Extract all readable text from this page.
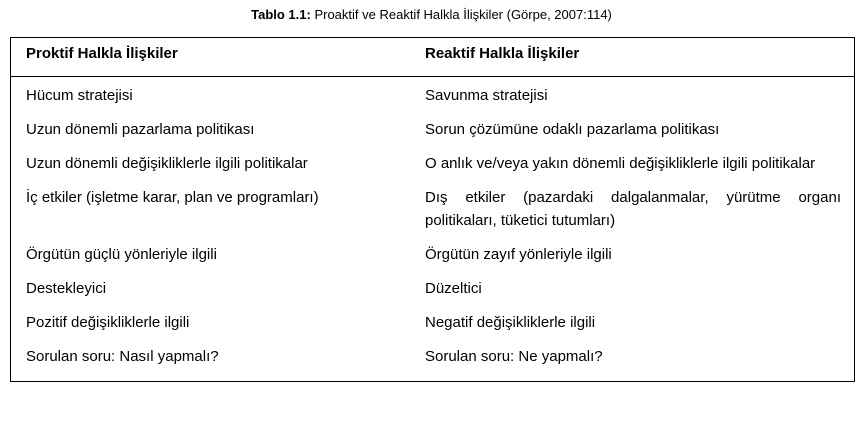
Tablo 1.1: Proaktif ve Reaktif Halkla İlişkiler (Görpe, 2007:114)
Proktif Halkla İlişkiler	Reaktif Halkla İlişkiler
Hücum stratejisi	Savunma stratejisi
Uzun dönemli pazarlama politikası	Sorun çözümüne odaklı pazarlama politikası
Uzun dönemli değişikliklerle ilgili politikalar	O anlık ve/veya yakın dönemli değişikliklerle ilgili politikalar
İç etkiler (işletme karar, plan ve programları)	Dış etkiler (pazardaki dalgalanmalar, yürütme organı politikaları, tüketici tutumları)
Örgütün güçlü yönleriyle ilgili	Örgütün zayıf yönleriyle ilgili
Destekleyici	Düzeltici
Pozitif değişikliklerle ilgili	Negatif değişikliklerle ilgili
Sorulan soru: Nasıl yapmalı?	Sorulan soru: Ne yapmalı?
